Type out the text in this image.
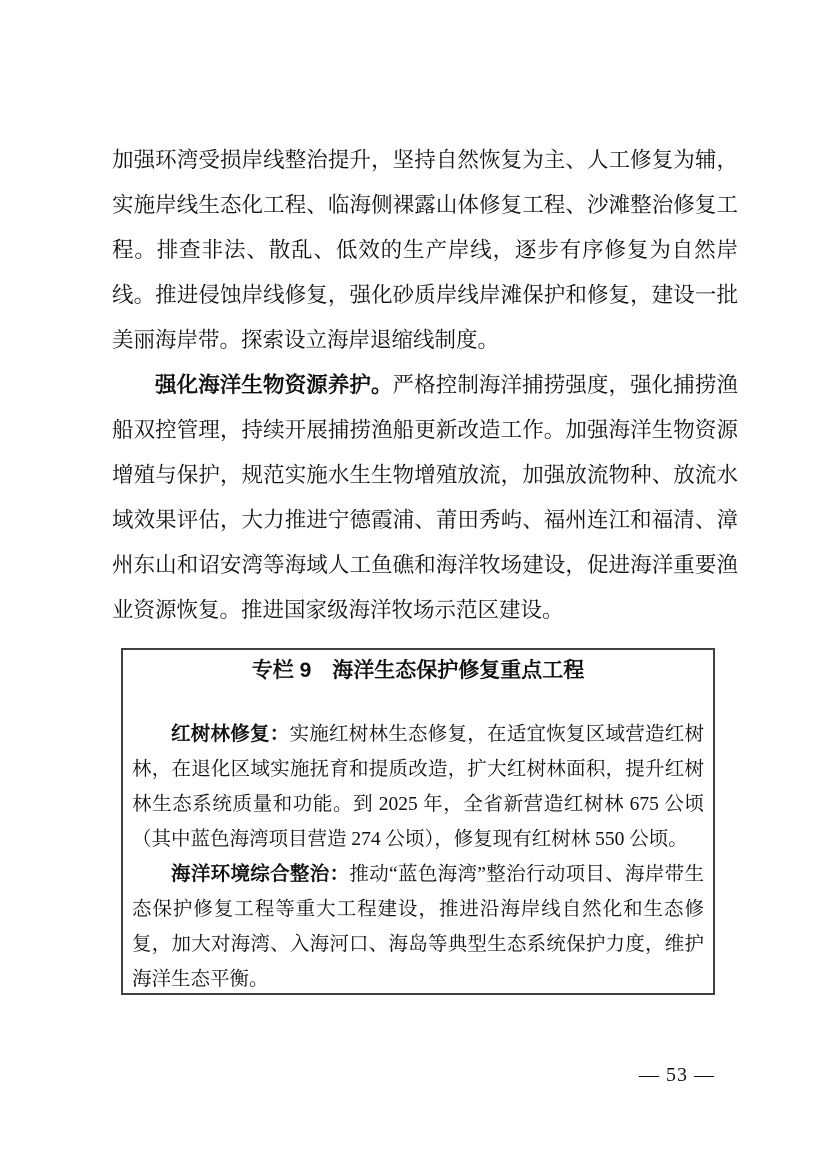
加强环湾受损岸线整治提升，坚持自然恢复为主、人工修复为辅，实施岸线生态化工程、临海侧裸露山体修复工程、沙滩整治修复工程。排查非法、散乱、低效的生产岸线，逐步有序修复为自然岸线。推进侵蚀岸线修复，强化砂质岸线岸滩保护和修复，建设一批美丽海岸带。探索设立海岸退缩线制度。

强化海洋生物资源养护。严格控制海洋捕捞强度，强化捕捞渔船双控管理，持续开展捕捞渔船更新改造工作。加强海洋生物资源增殖与保护，规范实施水生生物增殖放流，加强放流物种、放流水域效果评估，大力推进宁德霞浦、莆田秀屿、福州连江和福清、漳州东山和诏安湾等海域人工鱼礁和海洋牧场建设，促进海洋重要渔业资源恢复。推进国家级海洋牧场示范区建设。

专栏 9　海洋生态保护修复重点工程

红树林修复：实施红树林生态修复，在适宜恢复区域营造红树林，在退化区域实施抚育和提质改造，扩大红树林面积，提升红树林生态系统质量和功能。到 2025 年，全省新营造红树林 675 公顷（其中蓝色海湾项目营造 274 公顷），修复现有红树林 550 公顷。

海洋环境综合整治：推动“蓝色海湾”整治行动项目、海岸带生态保护修复工程等重大工程建设，推进沿海岸线自然化和生态修复，加大对海湾、入海河口、海岛等典型生态系统保护力度，维护海洋生态平衡。

— 53 —
